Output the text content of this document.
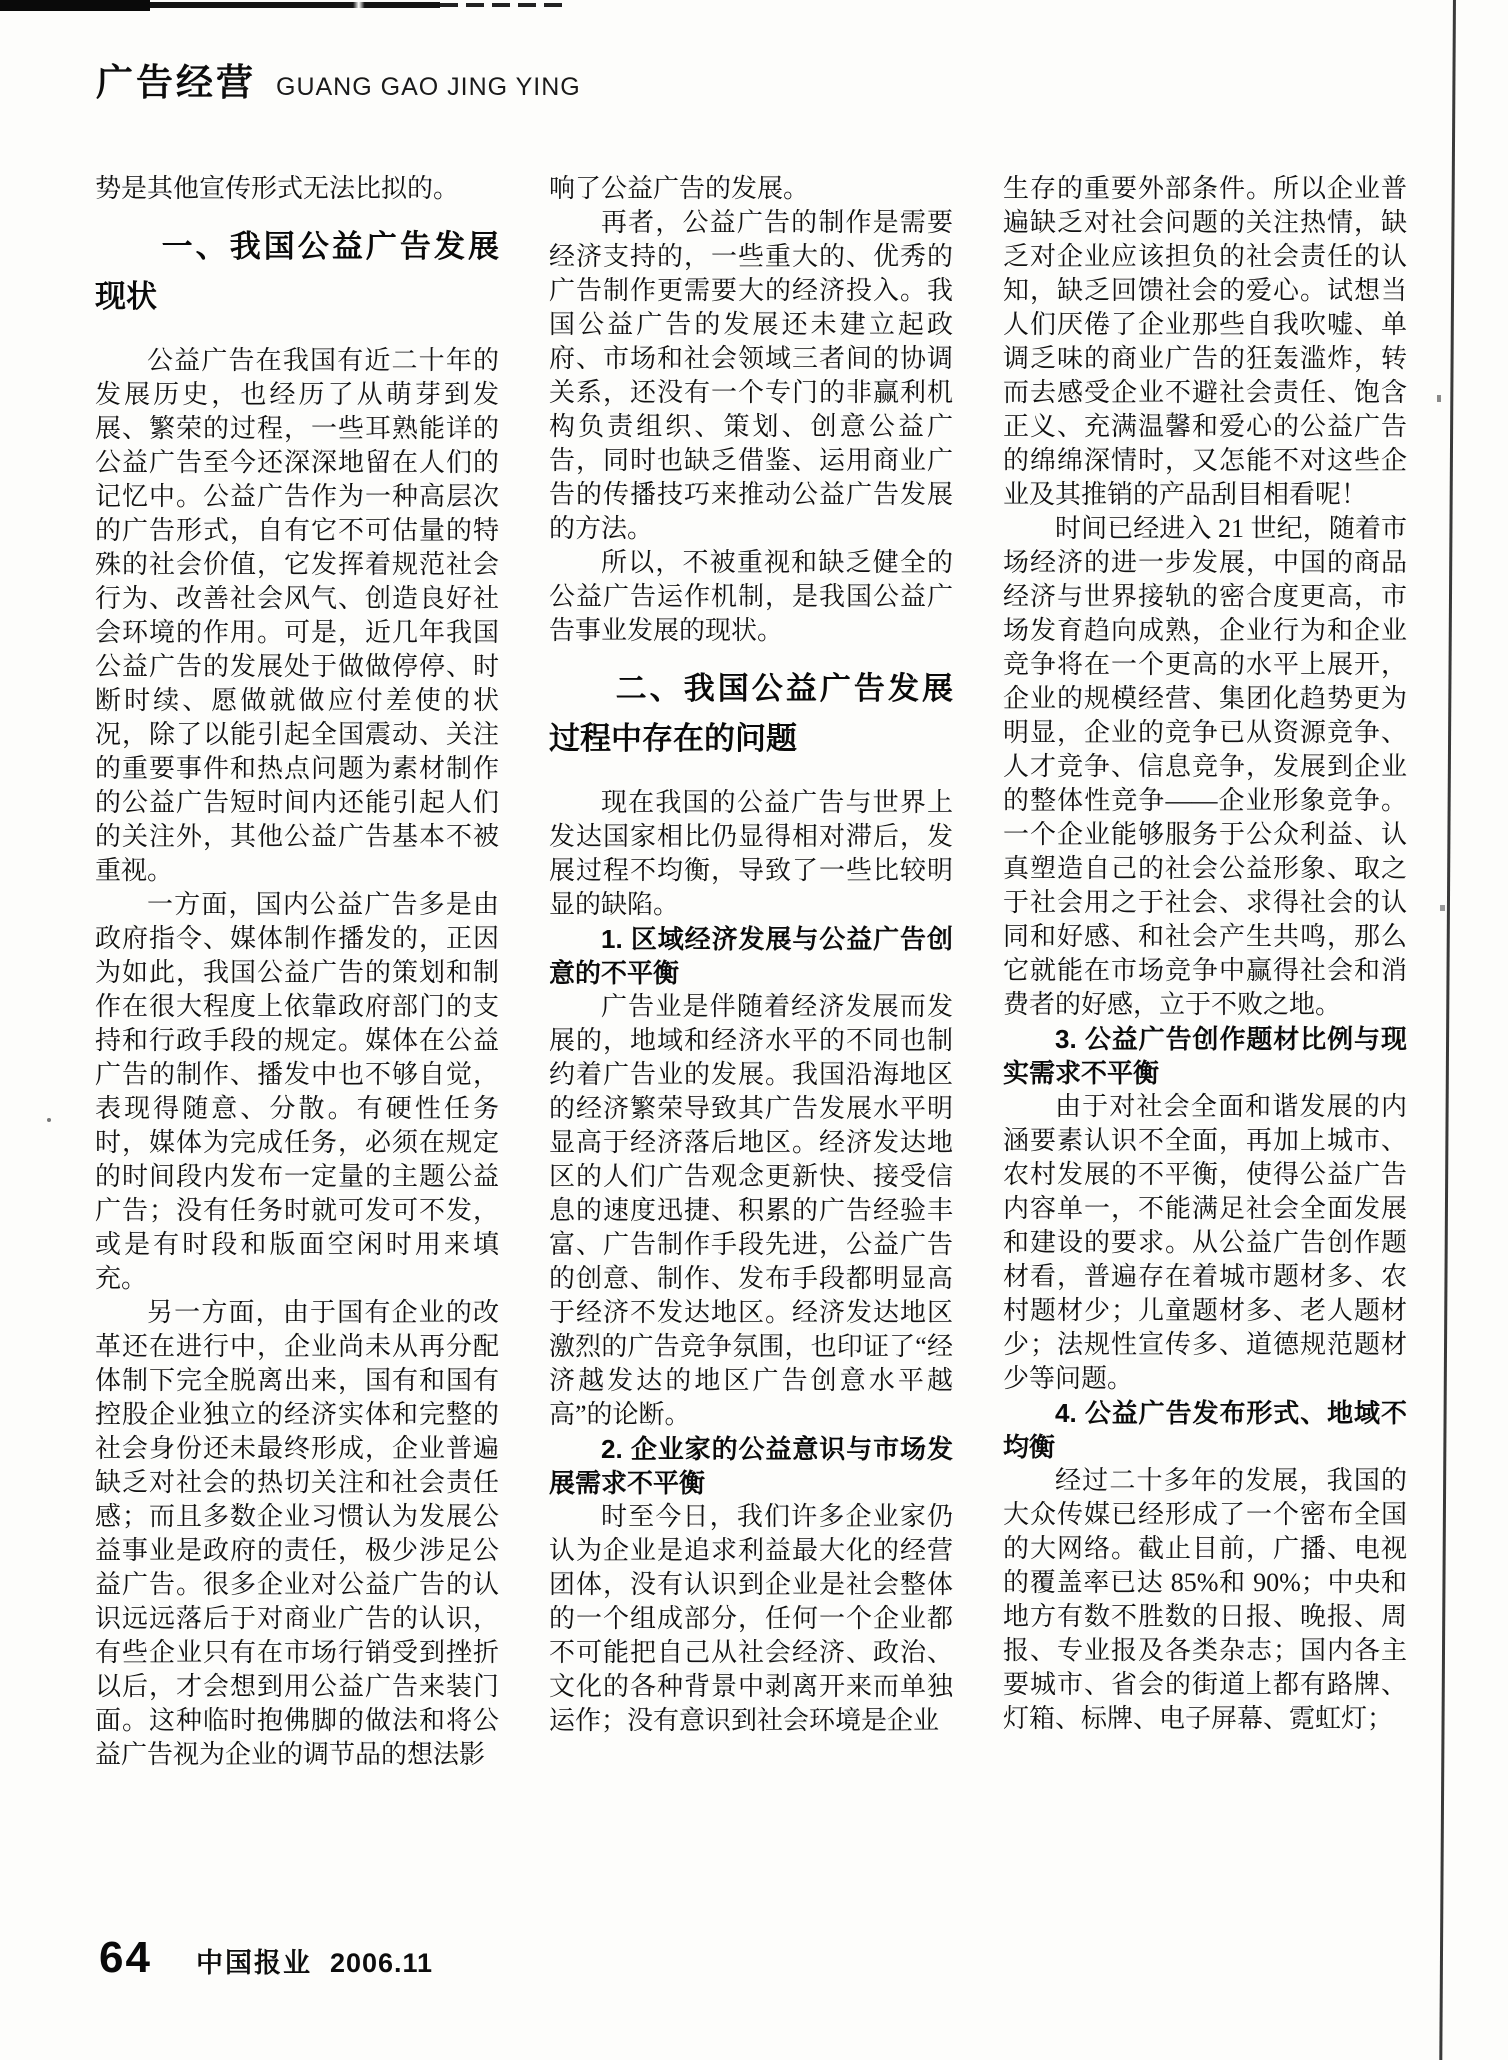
广告经营 GUANG GAO JING YING

势是其他宣传形式无法比拟的。

一、我国公益广告发展现状

公益广告在我国有近二十年的发展历史，也经历了从萌芽到发展、繁荣的过程，一些耳熟能详的公益广告至今还深深地留在人们的记忆中。公益广告作为一种高层次的广告形式，自有它不可估量的特殊的社会价值，它发挥着规范社会行为、改善社会风气、创造良好社会环境的作用。可是，近几年我国公益广告的发展处于做做停停、时断时续、愿做就做应付差使的状况，除了以能引起全国震动、关注的重要事件和热点问题为素材制作的公益广告短时间内还能引起人们的关注外，其他公益广告基本不被重视。

一方面，国内公益广告多是由政府指令、媒体制作播发的，正因为如此，我国公益广告的策划和制作在很大程度上依靠政府部门的支持和行政手段的规定。媒体在公益广告的制作、播发中也不够自觉，表现得随意、分散。有硬性任务时，媒体为完成任务，必须在规定的时间段内发布一定量的主题公益广告；没有任务时就可发可不发，或是有时段和版面空闲时用来填充。

另一方面，由于国有企业的改革还在进行中，企业尚未从再分配体制下完全脱离出来，国有和国有控股企业独立的经济实体和完整的社会身份还未最终形成，企业普遍缺乏对社会的热切关注和社会责任感；而且多数企业习惯认为发展公益事业是政府的责任，极少涉足公益广告。很多企业对公益广告的认识远远落后于对商业广告的认识，有些企业只有在市场行销受到挫折以后，才会想到用公益广告来装门面。这种临时抱佛脚的做法和将公益广告视为企业的调节品的想法影

响了公益广告的发展。

再者，公益广告的制作是需要经济支持的，一些重大的、优秀的广告制作更需要大的经济投入。我国公益广告的发展还未建立起政府、市场和社会领域三者间的协调关系，还没有一个专门的非赢利机构负责组织、策划、创意公益广告，同时也缺乏借鉴、运用商业广告的传播技巧来推动公益广告发展的方法。

所以，不被重视和缺乏健全的公益广告运作机制，是我国公益广告事业发展的现状。

二、我国公益广告发展过程中存在的问题

现在我国的公益广告与世界上发达国家相比仍显得相对滞后，发展过程不均衡，导致了一些比较明显的缺陷。

1. 区域经济发展与公益广告创意的不平衡

广告业是伴随着经济发展而发展的，地域和经济水平的不同也制约着广告业的发展。我国沿海地区的经济繁荣导致其广告发展水平明显高于经济落后地区。经济发达地区的人们广告观念更新快、接受信息的速度迅捷、积累的广告经验丰富、广告制作手段先进，公益广告的创意、制作、发布手段都明显高于经济不发达地区。经济发达地区激烈的广告竞争氛围，也印证了“经济越发达的地区广告创意水平越高”的论断。

2. 企业家的公益意识与市场发展需求不平衡

时至今日，我们许多企业家仍认为企业是追求利益最大化的经营团体，没有认识到企业是社会整体的一个组成部分，任何一个企业都不可能把自己从社会经济、政治、文化的各种背景中剥离开来而单独运作；没有意识到社会环境是企业

生存的重要外部条件。所以企业普遍缺乏对社会问题的关注热情，缺乏对企业应该担负的社会责任的认知，缺乏回馈社会的爱心。试想当人们厌倦了企业那些自我吹嘘、单调乏味的商业广告的狂轰滥炸，转而去感受企业不避社会责任、饱含正义、充满温馨和爱心的公益广告的绵绵深情时，又怎能不对这些企业及其推销的产品刮目相看呢！

时间已经进入 21 世纪，随着市场经济的进一步发展，中国的商品经济与世界接轨的密合度更高，市场发育趋向成熟，企业行为和企业竞争将在一个更高的水平上展开，企业的规模经营、集团化趋势更为明显，企业的竞争已从资源竞争、人才竞争、信息竞争，发展到企业的整体性竞争——企业形象竞争。一个企业能够服务于公众利益、认真塑造自己的社会公益形象、取之于社会用之于社会、求得社会的认同和好感、和社会产生共鸣，那么它就能在市场竞争中赢得社会和消费者的好感，立于不败之地。

3. 公益广告创作题材比例与现实需求不平衡

由于对社会全面和谐发展的内涵要素认识不全面，再加上城市、农村发展的不平衡，使得公益广告内容单一，不能满足社会全面发展和建设的要求。从公益广告创作题材看，普遍存在着城市题材多、农村题材少；儿童题材多、老人题材少；法规性宣传多、道德规范题材少等问题。

4. 公益广告发布形式、地域不均衡

经过二十多年的发展，我国的大众传媒已经形成了一个密布全国的大网络。截止目前，广播、电视的覆盖率已达 85%和 90%；中央和地方有数不胜数的日报、晚报、周报、专业报及各类杂志；国内各主要城市、省会的街道上都有路牌、灯箱、标牌、电子屏幕、霓虹灯；

64 中国报业 2006.11
